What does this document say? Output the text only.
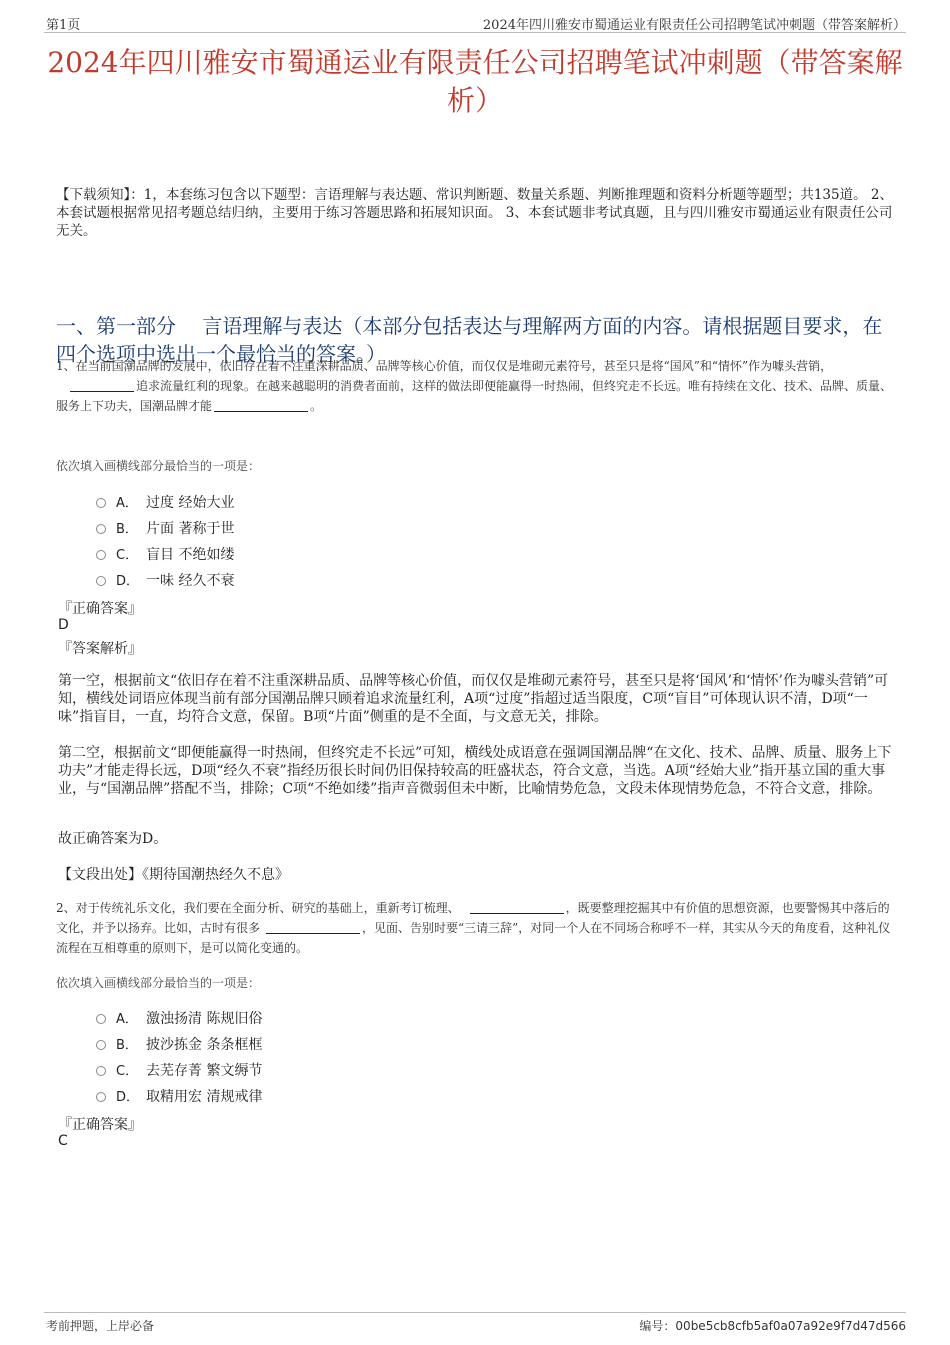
第1页	2024年四川雅安市蜀通运业有限责任公司招聘笔试冲刺题（带答案解析）
2024年四川雅安市蜀通运业有限责任公司招聘笔试冲刺题（带答案解析）
【下载须知】：1，本套练习包含以下题型：言语理解与表达题、常识判断题、数量关系题、判断推理题和资料分析题等题型；共135道。 2、本套试题根据常见招考题总结归纳，主要用于练习答题思路和拓展知识面。 3、本套试题非考试真题，且与四川雅安市蜀通运业有限责任公司无关。
一、第一部分　 言语理解与表达（本部分包括表达与理解两方面的内容。请根据题目要求，在四个选项中选出一个最恰当的答案。）
1、在当前国潮品牌的发展中，依旧存在着不注重深耕品质、品牌等核心价值，而仅仅是堆砌元素符号，甚至只是将“国风”和“情怀”作为噱头营销，追求流量红利的现象。在越来越聪明的消费者面前，这样的做法即便能赢得一时热闹，但终究走不长远。唯有持续在文化、技术、品牌、质量、服务上下功夫，国潮品牌才能	。
依次填入画横线部分最恰当的一项是：
A． 过度 经始大业
B． 片面 著称于世
C． 盲目 不绝如缕
D． 一味 经久不衰
『正确答案』
D
『答案解析』
第一空，根据前文“依旧存在着不注重深耕品质、品牌等核心价值，而仅仅是堆砌元素符号，甚至只是将‘国风’和‘情怀’作为噱头营销”可知，横线处词语应体现当前有部分国潮品牌只顾着追求流量红利，A项“过度”指超过适当限度，C项“盲目”可体现认识不清，D项“一味”指盲目，一直，均符合文意，保留。B项“片面”侧重的是不全面，与文意无关，排除。
第二空，根据前文“即便能赢得一时热闹，但终究走不长远”可知，横线处成语意在强调国潮品牌“在文化、技术、品牌、质量、服务上下功夫”才能走得长远，D项“经久不衰”指经历很长时间仍旧保持较高的旺盛状态，符合文意，当选。A项“经始大业”指开基立国的重大事业，与“国潮品牌”搭配不当，排除；C项“不绝如缕”指声音微弱但未中断，比喻情势危急，文段未体现情势危急，不符合文意，排除。
故正确答案为D。
【文段出处】《期待国潮热经久不息》
2、对于传统礼乐文化，我们要在全面分析、研究的基础上，重新考订梳理、	，既要整理挖掘其中有价值的思想资源，也要警惕其中落后的文化，并予以扬弃。比如，古时有很多	，见面、告别时要“三请三辞”，对同一个人在不同场合称呼不一样，其实从今天的角度看，这种礼仪流程在互相尊重的原则下，是可以简化变通的。
依次填入画横线部分最恰当的一项是：
A． 激浊扬清 陈规旧俗
B． 披沙拣金 条条框框
C． 去芜存菁 繁文缛节
D． 取精用宏 清规戒律
『正确答案』
C
考前押题，上岸必备	编号：00be5cb8cfb5af0a07a92e9f7d47d566
